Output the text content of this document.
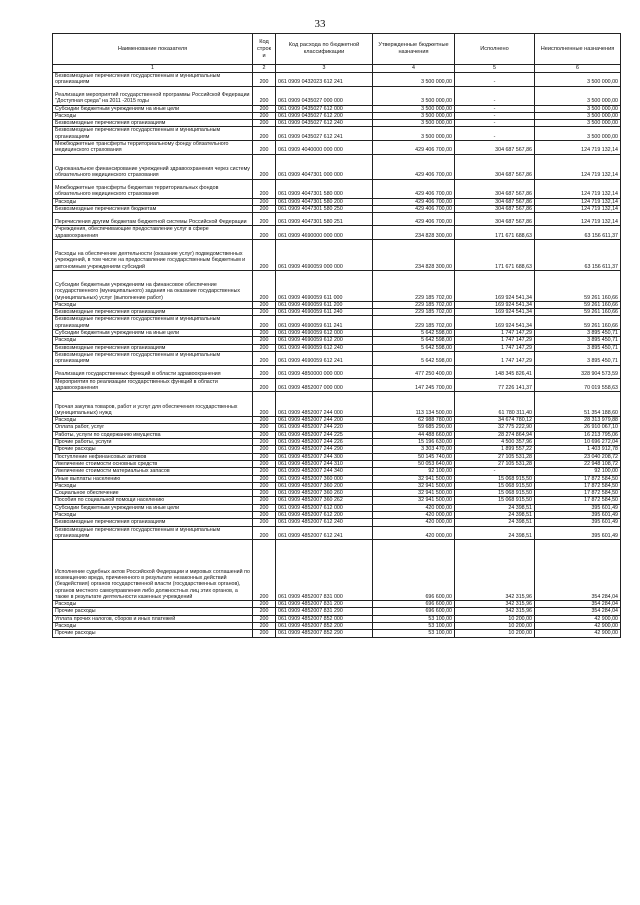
33
Наименование показателя	Код строк и	Код расхода по бюджетной классификации	Утвержденные бюджетные назначения	Исполнено	Неисполненные назначения
1	2	3	4	5	6
Безвозмездные перечисления государственным и муниципальным организациям	200	061 0909 0432023 612 241	3 500 000,00	-	3 500 000,00
Реализация мероприятий государственной программы Российской Федерации "Доступная среда" на 2011 -2015 годы	200	061 0909 0435027 000 000	3 500 000,00	-	3 500 000,00
Субсидии бюджетным учреждениям на иные цели	200	061 0909 0435027 612 000	3 500 000,00	-	3 500 000,00
Расходы	200	061 0909 0435027 612 200	3 500 000,00	-	3 500 000,00
Безвозмездные перечисления организациям	200	061 0909 0435027 612 240	3 500 000,00	-	3 500 000,00
Безвозмездные перечисления государственным и муниципальным организациям	200	061 0909 0435027 612 241	3 500 000,00	-	3 500 000,00
Межбюджетные трансферты территориальному фонду обязательного медицинского страхования	200	061 0909 4040000 000 000	429 406 700,00	304 687 567,86	124 719 132,14
Одноканальное финансирование учреждений здравоохранения через систему обязательного медицинского страхования	200	061 0909 4047301 000 000	429 406 700,00	304 687 567,86	124 719 132,14
Межбюджетные трансферты бюджетам территориальных фондов обязательного медицинского страхования	200	061 0909 4047301 580 000	429 406 700,00	304 687 567,86	124 719 132,14
Расходы	200	061 0909 4047301 580 200	429 406 700,00	304 687 567,86	124 719 132,14
Безвозмездные перечисления бюджетам	200	061 0909 4047301 580 250	429 406 700,00	304 687 567,86	124 719 132,14
Перечисления другим бюджетам бюджетной системы Российской Федерации	200	061 0909 4047301 580 251	429 406 700,00	304 687 567,86	124 719 132,14
Учреждения, обеспечивающие предоставление услуг в сфере здравоохранения	200	061 0909 4690000 000 000	234 828 300,00	171 671 688,63	63 156 611,37
Расходы на обеспечение деятельности (оказание услуг) подведомственных учреждений, в том числе на предоставление государственным бюджетным и автономным учреждениям субсидий	200	061 0909 4690059 000 000	234 828 300,00	171 671 688,63	63 156 611,37
Субсидии бюджетным учреждениям на финансовое обеспечение государственного (муниципального) задания на оказание государственных (муниципальных) услуг (выполнение работ)	200	061 0909 4690059 611 000	229 185 702,00	169 924 541,34	59 261 160,66
Расходы	200	061 0909 4690059 611 200	229 185 702,00	169 924 541,34	59 261 160,66
Безвозмездные перечисления организациям	200	061 0909 4690059 611 240	229 185 702,00	169 924 541,34	59 261 160,66
Безвозмездные перечисления государственным и муниципальным организациям	200	061 0909 4690059 611 241	229 185 702,00	169 924 541,34	59 261 160,66
Субсидии бюджетным учреждениям на иные цели	200	061 0909 4690059 612 000	5 642 598,00	1 747 147,29	3 895 450,71
Расходы	200	061 0909 4690059 612 200	5 642 598,00	1 747 147,29	3 895 450,71
Безвозмездные перечисления организациям	200	061 0909 4690059 612 240	5 642 598,00	1 747 147,29	3 895 450,71
Безвозмездные перечисления государственным и муниципальным организациям	200	061 0909 4690059 612 241	5 642 598,00	1 747 147,29	3 895 450,71
Реализация государственных функций в области здравоохранения	200	061 0909 4850000 000 000	477 250 400,00	148 345 826,41	328 904 573,59
Мероприятия по реализации государственных функций в области здравоохранения	200	061 0909 4852007 000 000	147 245 700,00	77 226 141,37	70 019 558,63
Прочая закупка товаров, работ и услуг для обеспечения государственных (муниципальных) нужд	200	061 0909 4852007 244 000	113 134 500,00	61 780 311,40	51 354 188,60
Расходы	200	061 0909 4852007 244 200	62 988 780,00	34 674 780,12	28 313 979,88
Оплата работ, услуг	200	061 0909 4852007 244 220	59 685 290,00	32 775 222,90	26 910 067,10
Работы, услуги по содержанию имущества	200	061 0909 4852007 244 225	44 488 660,00	28 274 864,94	16 213 795,06
Прочие работы, услуги	200	061 0909 4852007 244 226	15 196 630,00	4 500 357,96	10 696 272,04
Прочие расходы	200	061 0909 4852007 244 290	3 303 470,00	1 899 557,22	1 403 912,78
Поступление нефинансовых активов	200	061 0909 4852007 244 300	50 145 740,00	27 105 531,28	23 040 208,72
Увеличение стоимости основных средств	200	061 0909 4852007 244 310	50 053 640,00	27 105 531,28	22 948 108,72
Увеличение стоимости материальных запасов	200	061 0909 4852007 244 340	92 100,00	-	92 100,00
Иные выплаты населению	200	061 0909 4852007 360 000	32 941 500,00	15 068 915,50	17 872 584,50
Расходы	200	061 0909 4852007 360 200	32 941 500,00	15 068 915,50	17 872 584,50
Социальное обеспечение	200	061 0909 4852007 360 260	32 941 500,00	15 068 915,50	17 872 584,50
Пособия по социальной помощи населению	200	061 0909 4852007 360 262	32 941 500,00	15 068 915,50	17 872 584,50
Субсидии бюджетным учреждениям на иные цели	200	061 0909 4852007 612 000	420 000,00	24 398,51	395 601,49
Расходы	200	061 0909 4852007 612 200	420 000,00	24 398,51	395 601,49
Безвозмездные перечисления организациям	200	061 0909 4852007 612 240	420 000,00	24 398,51	395 601,49
Безвозмездные перечисления государственным и муниципальным организациям	200	061 0909 4852007 612 241	420 000,00	24 398,51	395 601,49
Исполнение судебных актов Российской Федерации и мировых соглашений по возмещению вреда, причиненного в результате незаконных действий (бездействия) органов государственной власти (государственных органов), органов местного самоуправления либо должностных лиц этих органов, а также в результате деятельности казенных учреждений	200	061 0909 4852007 831 000	696 600,00	342 315,96	354 284,04
Расходы	200	061 0909 4852007 831 200	696 600,00	342 315,96	354 284,04
Прочие расходы	200	061 0909 4852007 831 290	696 600,00	342 315,96	354 284,04
Уплата прочих налогов, сборов и иных платежей	200	061 0909 4852007 852 000	53 100,00	10 200,00	42 900,00
Расходы	200	061 0909 4852007 852 200	53 100,00	10 200,00	42 900,00
Прочие расходы	200	061 0909 4852007 852 290	53 100,00	10 200,00	42 900,00
